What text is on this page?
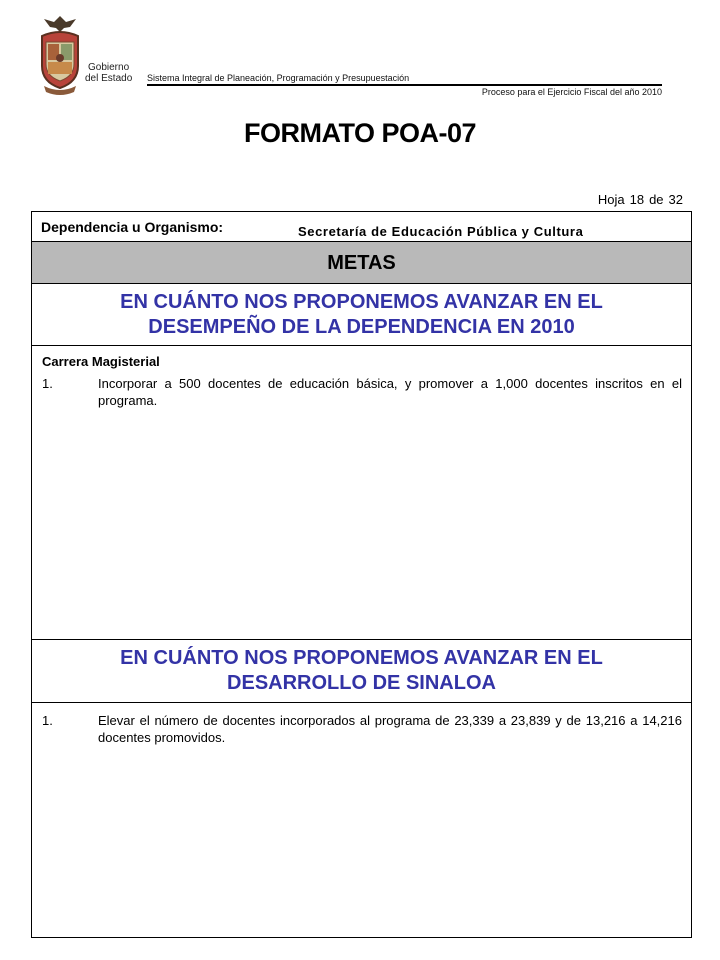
Gobierno
del Estado Sistema Integral de Planeación, Programación y Presupuestación
Proceso para el Ejercicio Fiscal del año 2010
FORMATO POA-07
Hoja 18 de 32
Dependencia u Organismo:	Secretaría de Educación Pública y Cultura
METAS
EN CUÁNTO NOS PROPONEMOS AVANZAR EN EL
DESEMPEÑO DE LA DEPENDENCIA EN 2010
Carrera Magisterial
1.	Incorporar a 500 docentes de educación básica, y promover a 1,000 docentes inscritos en el programa.
EN CUÁNTO NOS PROPONEMOS AVANZAR EN EL
DESARROLLO DE SINALOA
1.	Elevar el número de docentes incorporados al programa de 23,339 a 23,839 y de 13,216 a 14,216 docentes promovidos.
